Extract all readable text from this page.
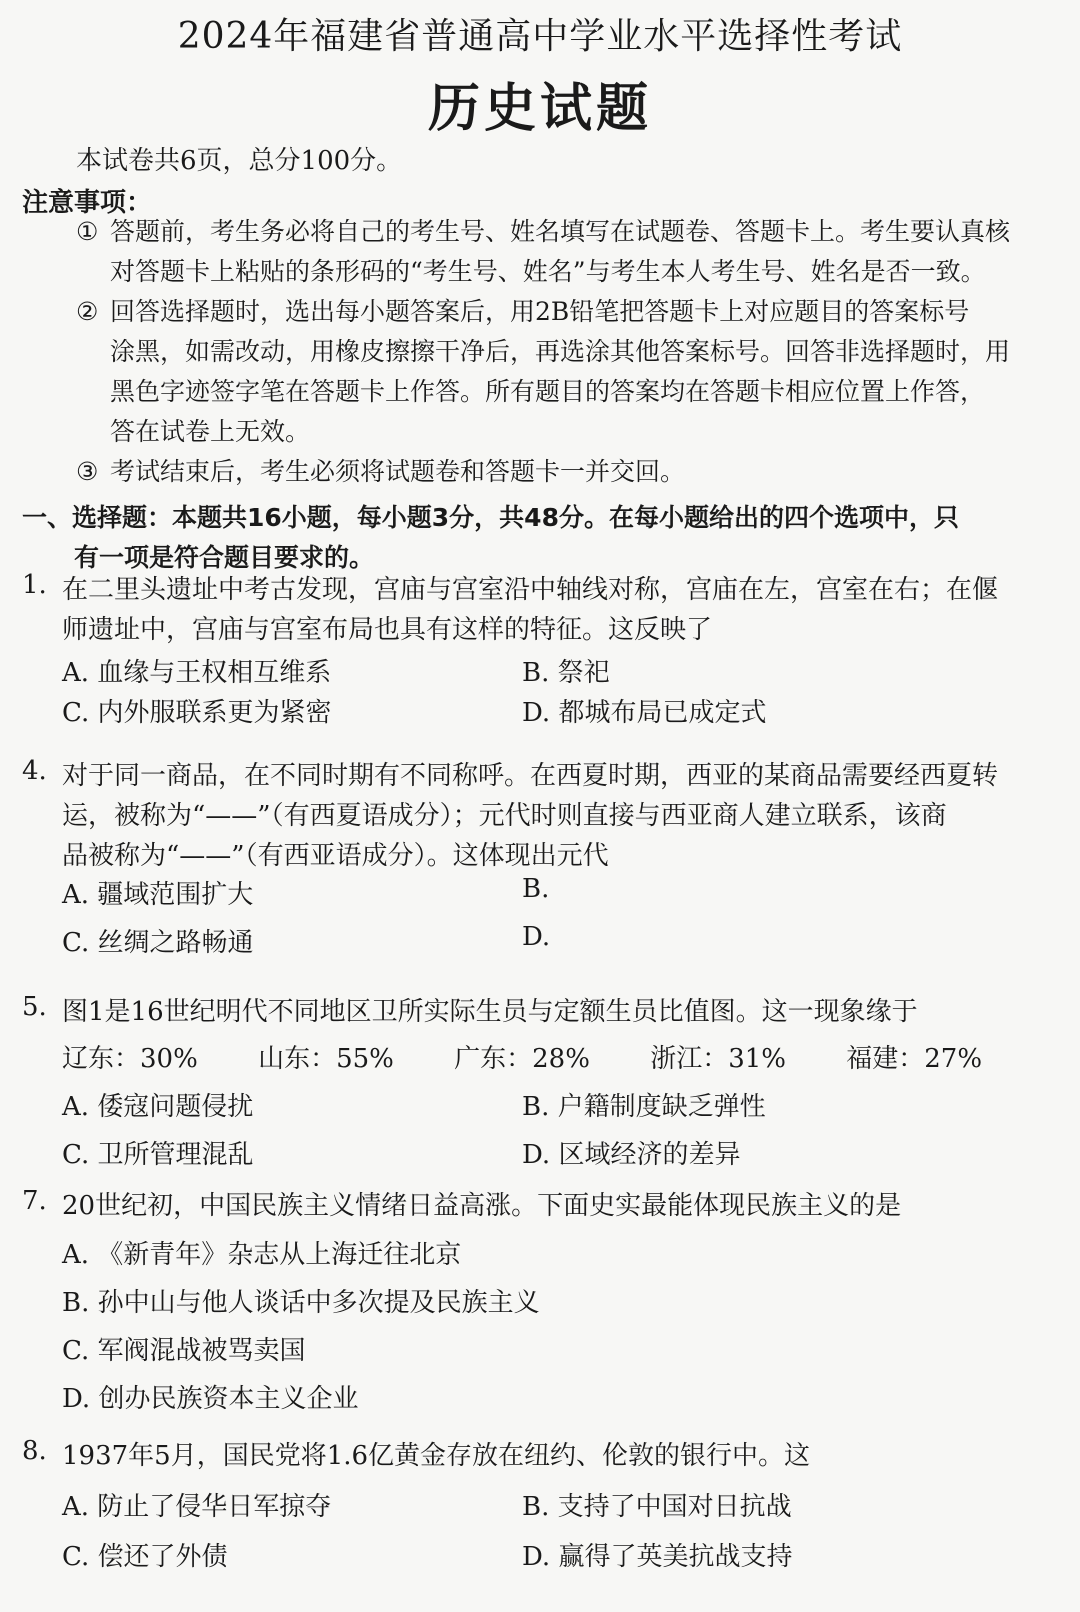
2024年福建省普通高中学业水平选择性考试
历史试题
本试卷共6页，总分100分。
注意事项：
① 答题前，考生务必将自己的考生号、姓名填写在试题卷、答题卡上。考生要认真核
对答题卡上粘贴的条形码的“考生号、姓名”与考生本人考生号、姓名是否一致。
② 回答选择题时，选出每小题答案后，用2B铅笔把答题卡上对应题目的答案标号
涂黑，如需改动，用橡皮擦擦干净后，再选涂其他答案标号。回答非选择题时，用
黑色字迹签字笔在答题卡上作答。所有题目的答案均在答题卡相应位置上作答，
答在试卷上无效。
③ 考试结束后，考生必须将试题卷和答题卡一并交回。
一、选择题：本题共16小题，每小题3分，共48分。在每小题给出的四个选项中，只
有一项是符合题目要求的。
1. 在二里头遗址中考古发现，宫庙与宫室沿中轴线对称，宫庙在左，宫室在右；在偃
师遗址中，宫庙与宫室布局也具有这样的特征。这反映了
A. 血缘与王权相互维系	B. 祭祀
C. 内外服联系更为紧密	D. 都城布局已成定式
4. 对于同一商品，在不同时期有不同称呼。在西夏时期，西亚的某商品需要经西夏转
运，被称为“——”（有西夏语成分）；元代时则直接与西亚商人建立联系，该商
品被称为“——”（有西亚语成分）。这体现出元代
A. 疆域范围扩大	B.
C. 丝绸之路畅通	D.
5. 图1是16世纪明代不同地区卫所实际生员与定额生员比值图。这一现象缘于
辽东：30% 山东：55% 广东：28% 浙江：31% 福建：27%
A. 倭寇问题侵扰	B. 户籍制度缺乏弹性
C. 卫所管理混乱	D. 区域经济的差异
7. 20世纪初，中国民族主义情绪日益高涨。下面史实最能体现民族主义的是
A. 《新青年》杂志从上海迁往北京
B. 孙中山与他人谈话中多次提及民族主义
C. 军阀混战被骂卖国
D. 创办民族资本主义企业
8. 1937年5月，国民党将1.6亿黄金存放在纽约、伦敦的银行中。这
A. 防止了侵华日军掠夺	B. 支持了中国对日抗战
C. 偿还了外债	D. 赢得了英美抗战支持
